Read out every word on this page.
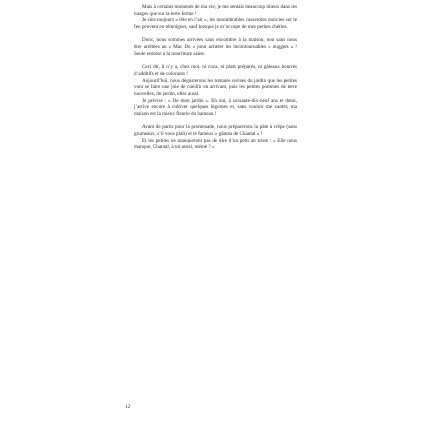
Mais à certains moments de ma vie, je me sentais beaucoup mieux dans les nuages que sur la terre ferme !

Je suis toujours « tête en l’air », les innombrables casseroles noircies sur le feu peuvent en témoigner, sauf lorsque je m’occupe de mes petites chéries.

Donc, nous sommes arrivées sans encombre à la maison, non sans nous être arrêtées au « Mac Do » pour acheter les incontournables « nuggets » ! Seule entorse à la nourriture saine.

Ceci dit, il n’y a, chez moi, ni coca, ni plats préparés, ni gâteaux bourrés d’additifs et de colorants !

Aujourd’hui, nous dégusterons les tomates cerises du jardin que les petites vont se faire une joie de cueillir en arrivant, puis les petites pommes de terre nouvelles, du jardin, elles aussi.

Je précise : « De mon jardin ». Eh oui, à soixante-dix-neuf ans et demi, j’arrive encore à cultiver quelques légumes et, sans vouloir me vanter, ma maison est la mieux fleurie du hameau !

Avant de partir pour la promenade, nous préparerons la pâte à crêpe (sans grumeaux, s’il vous plaît) et le fameux « gâteau de Chantal » !

Et les petites ne manqueront pas de dire d’un petit air triste : « Elle nous manque, Chantal, à toi aussi, mémé ? »

12
